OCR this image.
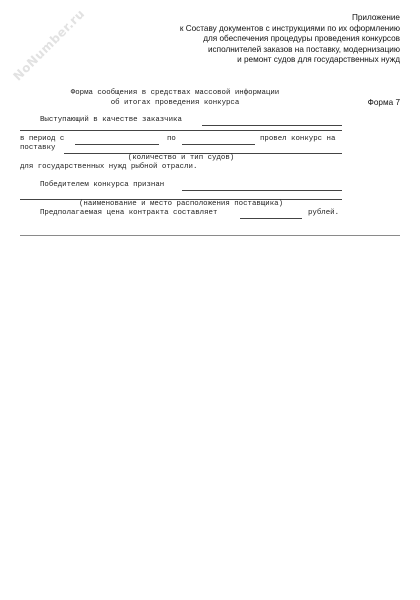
NoNumber.ru	Приложение
к Составу документов с инструкциями по их оформлению
для обеспечения процедуры проведения конкурсов
исполнителей заказов на поставку, модернизацию
и ремонт судов для государственных нужд
Форма 7
Форма сообщения в средствах массовой информации
об итогах проведения конкурса
Выступающий в качестве заказчика
в период с	по	провел конкурс на
поставку
(количество и тип судов)
для государственных нужд рыбной отрасли.
Победителем конкурса признан
(наименование и место расположения поставщика)
Предполагаемая цена контракта составляет	рублей.
